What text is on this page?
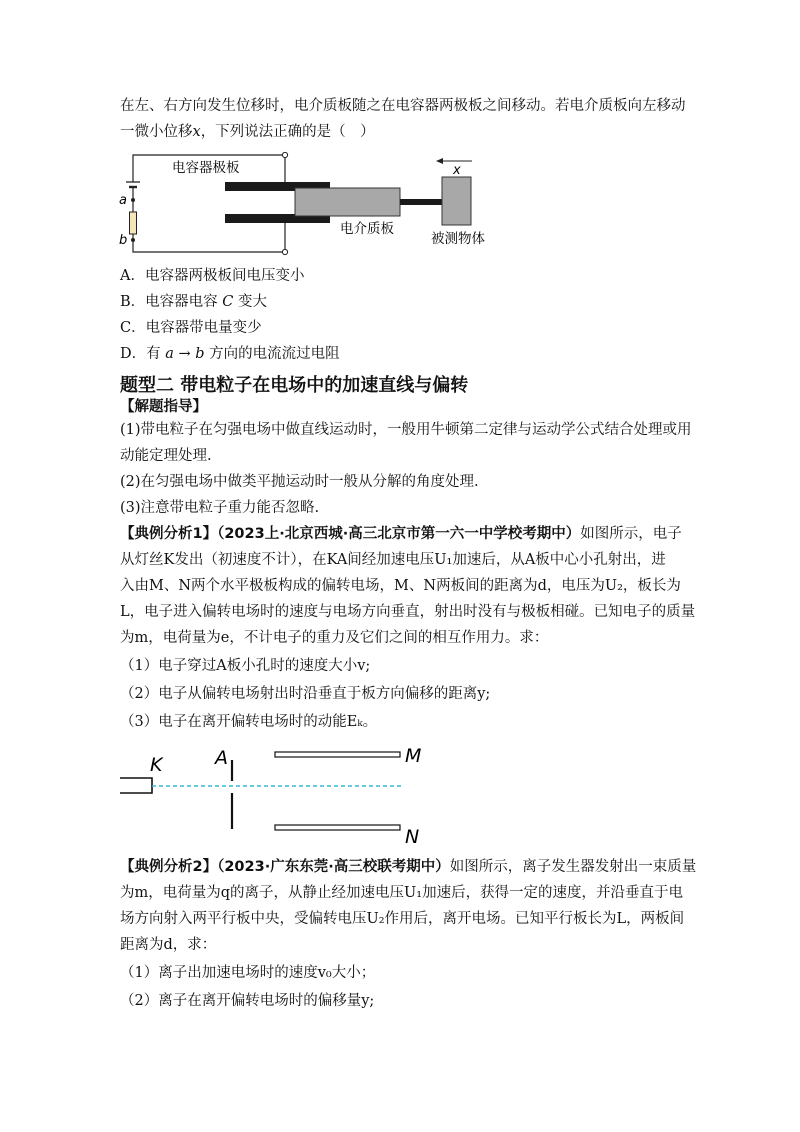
在左、右方向发生位移时，电介质板随之在电容器两极板之间移动。若电介质板向左移动
一微小位移x，下列说法正确的是（　）
a
b
x
电容器极板
电介质板
被测物体
A．电容器两极板间电压变小
B．电容器电容 C 变大
C．电容器带电量变少
D．有 a → b 方向的电流流过电阻
题型二 带电粒子在电场中的加速直线与偏转
【解题指导】
(1)带电粒子在匀强电场中做直线运动时，一般用牛顿第二定律与运动学公式结合处理或用
动能定理处理.
(2)在匀强电场中做类平抛运动时一般从分解的角度处理.
(3)注意带电粒子重力能否忽略.
【典例分析1】（2023上·北京西城·高三北京市第一六一中学校考期中）如图所示，电子
从灯丝K发出（初速度不计），在KA间经加速电压U₁加速后，从A板中心小孔射出，进
入由M、N两个水平极板构成的偏转电场，M、N两板间的距离为d，电压为U₂，板长为
L，电子进入偏转电场时的速度与电场方向垂直，射出时没有与极板相碰。已知电子的质量
为m，电荷量为e，不计电子的重力及它们之间的相互作用力。求：
（1）电子穿过A板小孔时的速度大小v;
（2）电子从偏转电场射出时沿垂直于板方向偏移的距离y;
（3）电子在离开偏转电场时的动能Eₖ。
K	A	M
N
【典例分析2】（2023·广东东莞·高三校联考期中）如图所示，离子发生器发射出一束质量
为m，电荷量为q的离子，从静止经加速电压U₁加速后，获得一定的速度，并沿垂直于电
场方向射入两平行板中央，受偏转电压U₂作用后，离开电场。已知平行板长为L，两板间
距离为d，求：
（1）离子出加速电场时的速度v₀大小；
（2）离子在离开偏转电场时的偏移量y;
